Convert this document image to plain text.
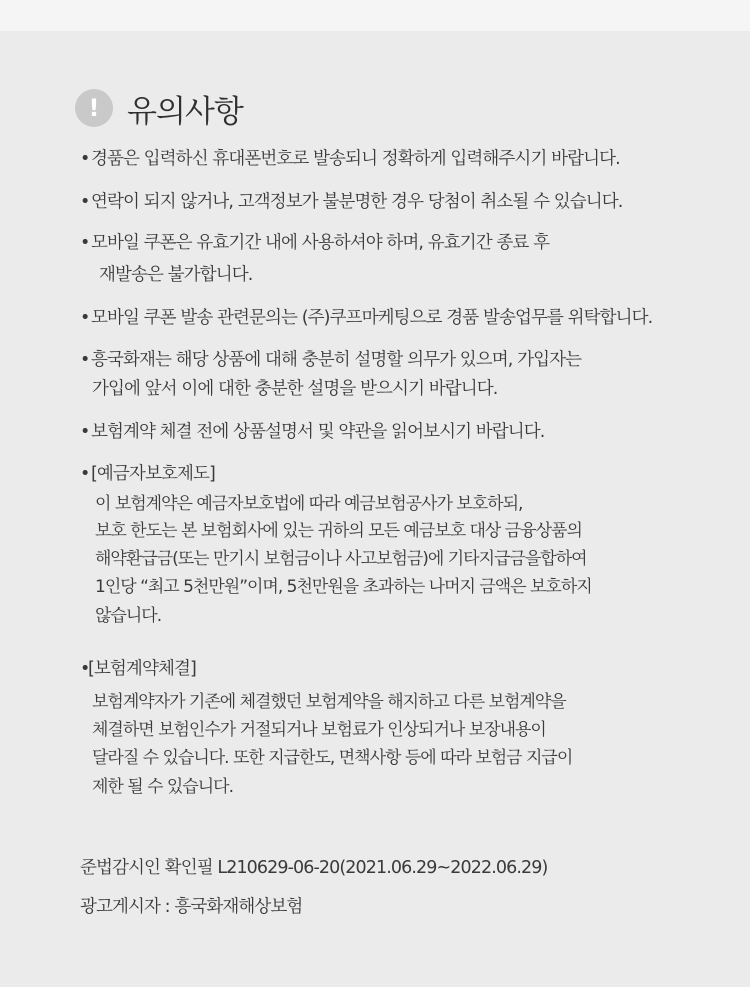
! 유의사항
•경품은 입력하신 휴대폰번호로 발송되니 정확하게 입력해주시기 바랍니다.
•연락이 되지 않거나, 고객정보가 불분명한 경우 당첨이 취소될 수 있습니다.
•모바일 쿠폰은 유효기간 내에 사용하셔야 하며, 유효기간 종료 후
재발송은 불가합니다.
•모바일 쿠폰 발송 관련문의는 (주)쿠프마케팅으로 경품 발송업무를 위탁합니다.
•흥국화재는 해당 상품에 대해 충분히 설명할 의무가 있으며, 가입자는
가입에 앞서 이에 대한 충분한 설명을 받으시기 바랍니다.
•보험계약 체결 전에 상품설명서 및 약관을 읽어보시기 바랍니다.
•[예금자보호제도]
이 보험계약은 예금자보호법에 따라 예금보험공사가 보호하되,
보호 한도는 본 보험회사에 있는 귀하의 모든 예금보호 대상 금융상품의
해약환급금(또는 만기시 보험금이나 사고보험금)에 기타지급금을합하여
1인당 “최고 5천만원”이며, 5천만원을 초과하는 나머지 금액은 보호하지
않습니다.
•[보험계약체결]
보험계약자가 기존에 체결했던 보험계약을 해지하고 다른 보험계약을
체결하면 보험인수가 거절되거나 보험료가 인상되거나 보장내용이
달라질 수 있습니다. 또한 지급한도, 면책사항 등에 따라 보험금 지급이
제한 될 수 있습니다.
준법감시인 확인필 L210629-06-20(2021.06.29~2022.06.29)
광고게시자 : 흥국화재해상보험
